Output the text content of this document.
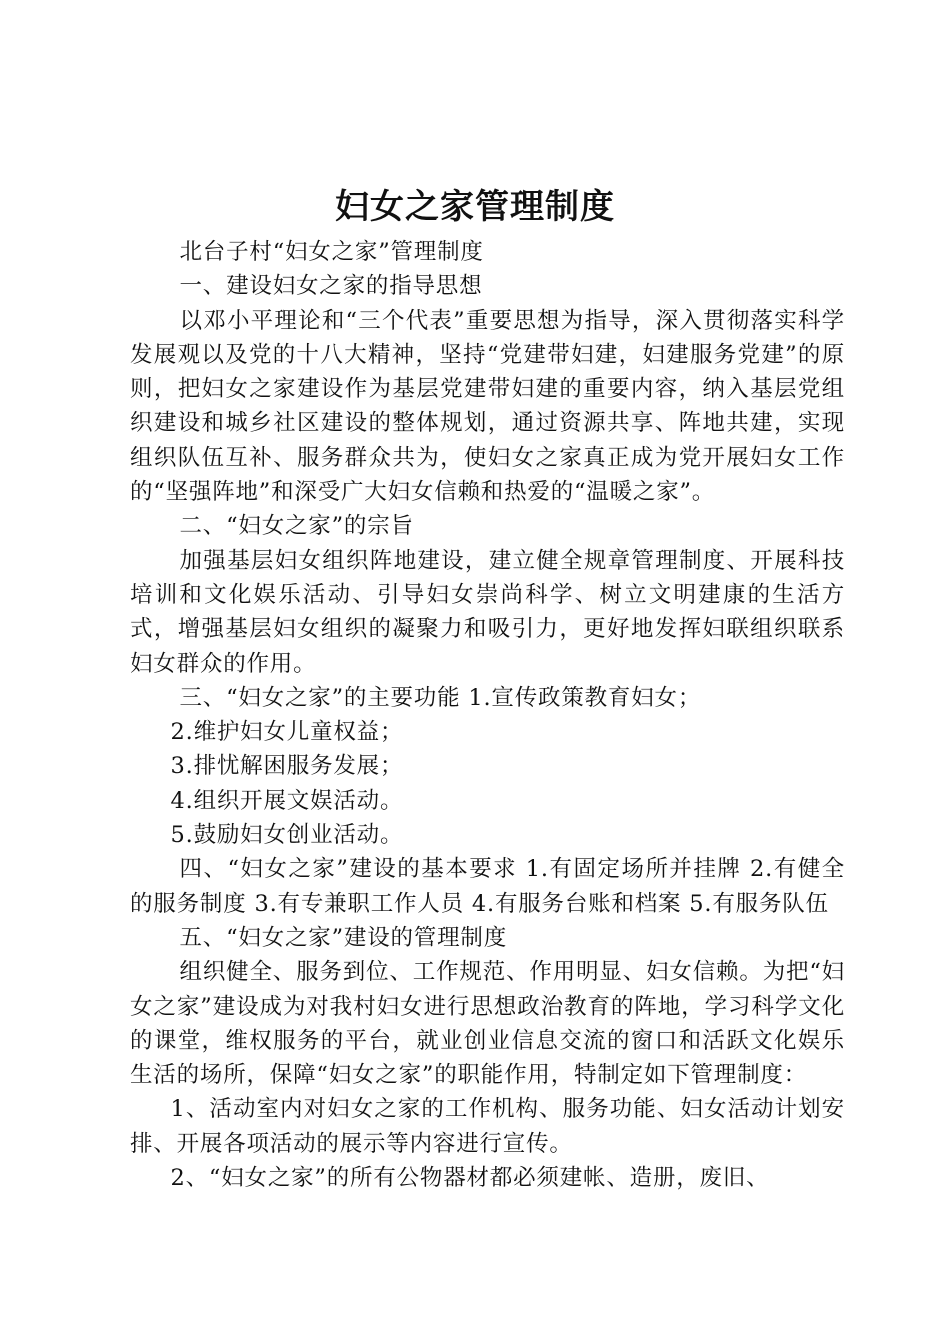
妇女之家管理制度

北台子村“妇女之家”管理制度

一、建设妇女之家的指导思想

以邓小平理论和“三个代表”重要思想为指导，深入贯彻落实科学发展观以及党的十八大精神，坚持“党建带妇建，妇建服务党建”的原则，把妇女之家建设作为基层党建带妇建的重要内容，纳入基层党组织建设和城乡社区建设的整体规划，通过资源共享、阵地共建，实现组织队伍互补、服务群众共为，使妇女之家真正成为党开展妇女工作的“坚强阵地”和深受广大妇女信赖和热爱的“温暖之家”。

二、“妇女之家”的宗旨

加强基层妇女组织阵地建设，建立健全规章管理制度、开展科技培训和文化娱乐活动、引导妇女崇尚科学、树立文明建康的生活方式，增强基层妇女组织的凝聚力和吸引力，更好地发挥妇联组织联系妇女群众的作用。

三、“妇女之家”的主要功能 1.宣传政策教育妇女；

2.维护妇女儿童权益；

3.排忧解困服务发展；

4.组织开展文娱活动。

5.鼓励妇女创业活动。

四、“妇女之家”建设的基本要求 1.有固定场所并挂牌 2.有健全的服务制度 3.有专兼职工作人员 4.有服务台账和档案 5.有服务队伍

五、“妇女之家”建设的管理制度

组织健全、服务到位、工作规范、作用明显、妇女信赖。为把“妇女之家”建设成为对我村妇女进行思想政治教育的阵地，学习科学文化的课堂，维权服务的平台，就业创业信息交流的窗口和活跃文化娱乐生活的场所，保障“妇女之家”的职能作用，特制定如下管理制度：

1、活动室内对妇女之家的工作机构、服务功能、妇女活动计划安排、开展各项活动的展示等内容进行宣传。

2、“妇女之家”的所有公物器材都必须建帐、造册，废旧、
